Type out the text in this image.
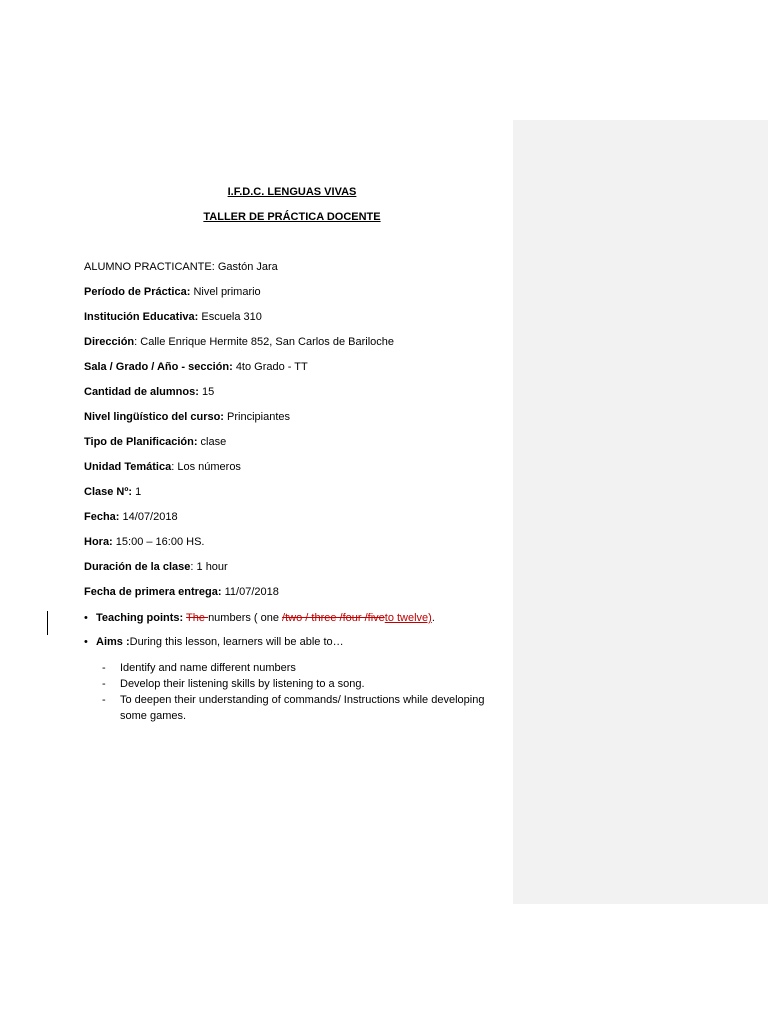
I.F.D.C. LENGUAS VIVAS
TALLER DE PRÁCTICA DOCENTE
ALUMNO PRACTICANTE: Gastón Jara
Período de Práctica: Nivel primario
Institución Educativa: Escuela 310
Dirección: Calle Enrique Hermite 852, San Carlos de Bariloche
Sala / Grado / Año - sección: 4to Grado - TT
Cantidad de alumnos: 15
Nivel lingüístico del curso: Principiantes
Tipo de Planificación: clase
Unidad Temática: Los números
Clase Nº: 1
Fecha: 14/07/2018
Hora: 15:00 – 16:00 HS.
Duración de la clase: 1 hour
Fecha de primera entrega: 11/07/2018
• Teaching points: The numbers ( one /two / three /four /fiveto twelve).
• Aims :During this lesson, learners will be able to…
- Identify and name different numbers
- Develop their listening skills by listening to a song.
- To deepen their understanding of commands/ Instructions while developing some games.
